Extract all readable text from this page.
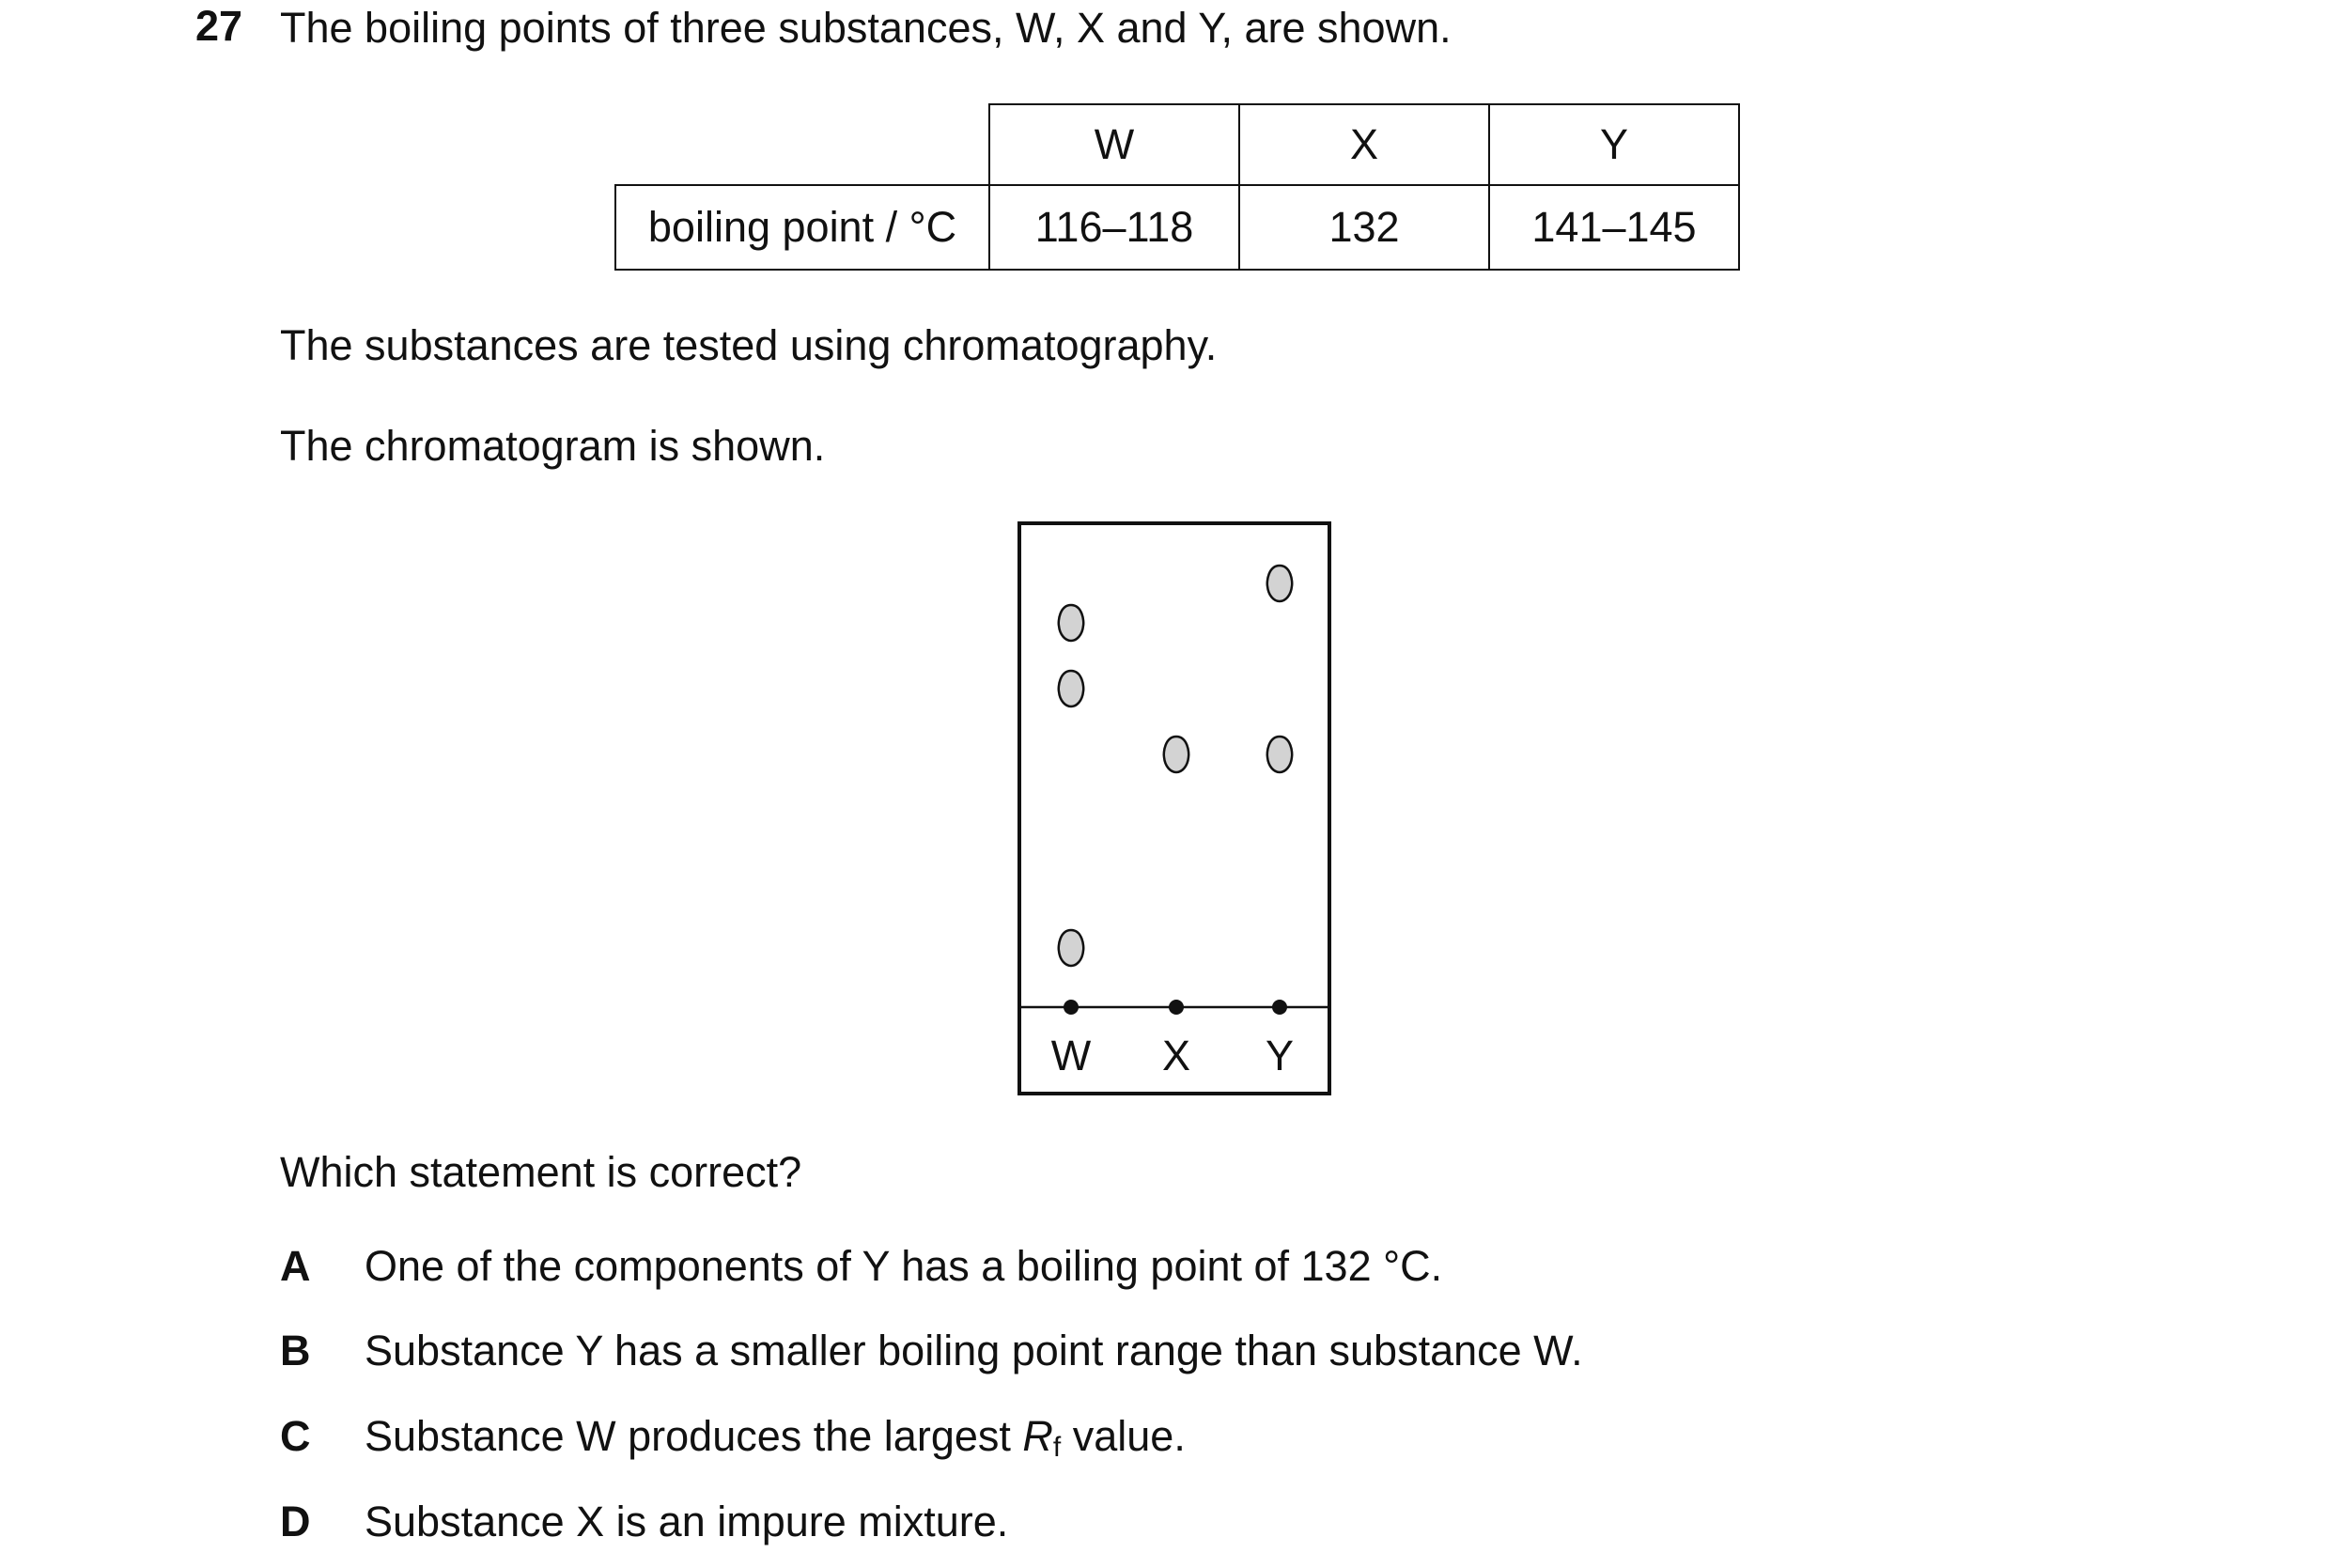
27 The boiling points of three substances, W, X and Y, are shown.
	W	X	Y
boiling point / °C	116–118	132	141–145
The substances are tested using chromatography.
The chromatogram is shown.
W X Y
Which statement is correct?
A One of the components of Y has a boiling point of 132 °C.
B Substance Y has a smaller boiling point range than substance W.
C Substance W produces the largest Rf value.
D Substance X is an impure mixture.
